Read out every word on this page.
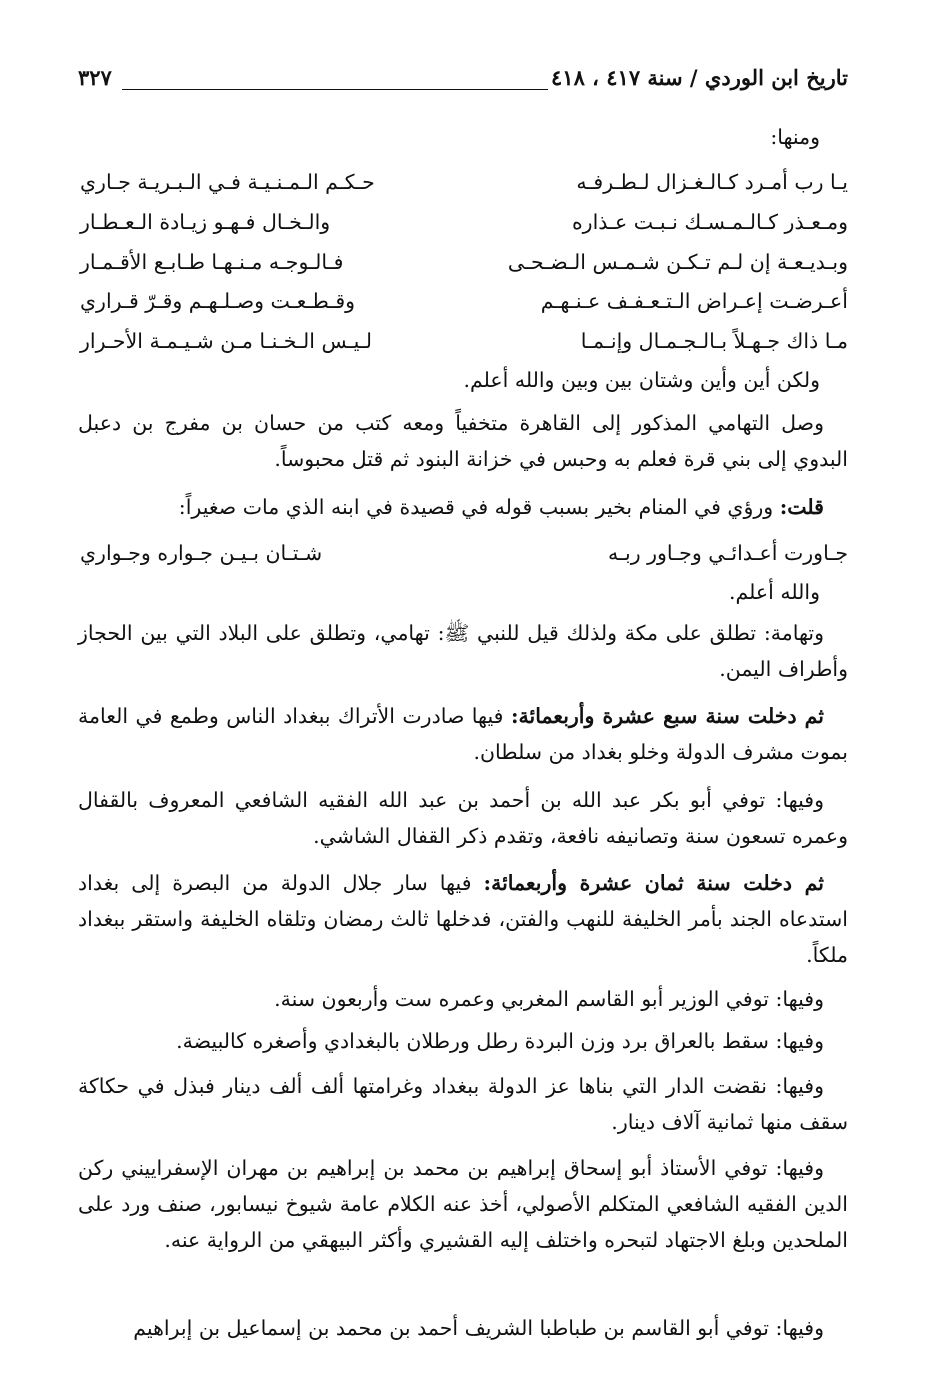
تاريخ ابن الوردي / سنة ٤١٧ ، ٤١٨
٣٢٧
ومنها:
يـا رب أمـرد كـالـغـزال لـطـرفـه
حـكـم الـمـنـيـة فـي الـبـريـة جـاري
ومـعـذر كـالـمـسـك نـبـت عـذاره
والـخـال فـهـو زيـادة الـعـطـار
وبـديـعـة إن لـم تـكـن شـمـس الـضـحـى
فـالـوجـه مـنـهـا طـابـع الأقـمـار
أعـرضـت إعـراض الـتـعـفـف عـنـهـم
وقـطـعـت وصـلـهـم وقـرّ قـراري
مـا ذاك جـهـلاً بـالـجـمـال وإنـمـا
لـيـس الـخـنـا مـن شـيـمـة الأحـرار
ولكن أين وأين وشتان بين وبين والله أعلم.
وصل التهامي المذكور إلى القاهرة متخفياً ومعه كتب من حسان بن مفرج بن دعبل البدوي إلى بني قرة فعلم به وحبس في خزانة البنود ثم قتل محبوساً.
قلت: ورؤي في المنام بخير بسبب قوله في قصيدة في ابنه الذي مات صغيراً:
جـاورت أعـدائـي وجـاور ربـه
شـتـان بـيـن جـواره وجـواري
والله أعلم.
وتهامة: تطلق على مكة ولذلك قيل للنبي ﷺ: تهامي، وتطلق على البلاد التي بين الحجاز وأطراف اليمن.
ثم دخلت سنة سبع عشرة وأربعمائة: فيها صادرت الأتراك ببغداد الناس وطمع في العامة بموت مشرف الدولة وخلو بغداد من سلطان.
وفيها: توفي أبو بكر عبد الله بن أحمد بن عبد الله الفقيه الشافعي المعروف بالقفال وعمره تسعون سنة وتصانيفه نافعة، وتقدم ذكر القفال الشاشي.
ثم دخلت سنة ثمان عشرة وأربعمائة: فيها سار جلال الدولة من البصرة إلى بغداد استدعاه الجند بأمر الخليفة للنهب والفتن، فدخلها ثالث رمضان وتلقاه الخليفة واستقر ببغداد ملكاً.
وفيها: توفي الوزير أبو القاسم المغربي وعمره ست وأربعون سنة.
وفيها: سقط بالعراق برد وزن البردة رطل ورطلان بالبغدادي وأصغره كالبيضة.
وفيها: نقضت الدار التي بناها عز الدولة ببغداد وغرامتها ألف ألف دينار فبذل في حكاكة سقف منها ثمانية آلاف دينار.
وفيها: توفي الأستاذ أبو إسحاق إبراهيم بن محمد بن إبراهيم بن مهران الإسفراييني ركن الدين الفقيه الشافعي المتكلم الأصولي، أخذ عنه الكلام عامة شيوخ نيسابور، صنف ورد على الملحدين وبلغ الاجتهاد لتبحره واختلف إليه القشيري وأكثر البيهقي من الرواية عنه.
وفيها: توفي أبو القاسم بن طباطبا الشريف أحمد بن محمد بن إسماعيل بن إبراهيم
